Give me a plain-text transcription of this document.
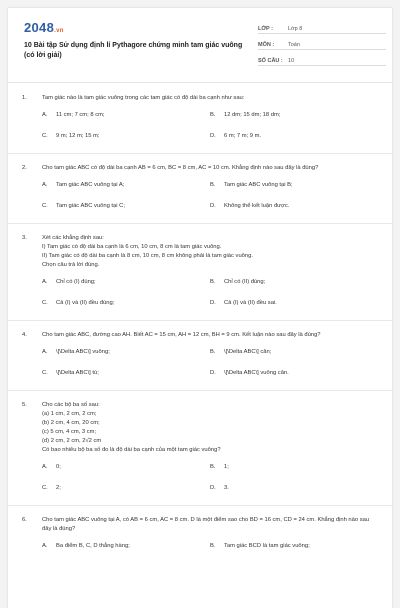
2048.vn
10 Bài tập Sử dụng định lí Pythagore chứng minh tam giác vuông (có lời giải)
LỚP :	Lớp 8
MÔN :	Toán
SỐ CÂU : 10
1.	Tam giác nào là tam giác vuông trong các tam giác có độ dài ba cạnh như sau:
A.	11 cm; 7 cm; 8 cm;	B.	12 dm; 15 dm; 18 dm;
C.	9 m; 12 m; 15 m;	D.	6 m; 7 m; 9 m.
2.	Cho tam giác ABC có độ dài ba cạnh AB = 6 cm, BC = 8 cm, AC = 10 cm. Khẳng định nào sau đây là đúng?
A.	Tam giác ABC vuông tại A;	B.	Tam giác ABC vuông tại B;
C.	Tam giác ABC vuông tại C;	D.	Không thể kết luận được.
3.	Xét các khẳng định sau:
I) Tam giác có độ dài ba cạnh là 6 cm, 10 cm, 8 cm là tam giác vuông.
II) Tam giác có độ dài ba cạnh là 8 cm, 10 cm, 8 cm không phải là tam giác vuông.
Chọn câu trả lời đúng.
A.	Chỉ có (I) đúng;	B.	Chỉ có (II) đúng;
C.	Cả (I) và (II) đều đúng;	D.	Cả (I) và (II) đều sai.
4.	Cho tam giác ABC, đường cao AH. Biết AC = 15 cm, AH = 12 cm, BH = 9 cm. Kết luận nào sau đây là đúng?
A.	\[\Delta ABC\] vuông;	B.	\[\Delta ABC\] cân;
C.	\[\Delta ABC\] tù;	D.	\[\Delta ABC\] vuông cân.
5.	Cho các bộ ba số sau:
(a) 1 cm, 2 cm, 2 cm;
(b) 2 cm, 4 cm, 20 cm;
(c) 5 cm, 4 cm, 3 cm;
(d) 2 cm, 2 cm, 2√2 cm
Có bao nhiêu bộ ba số đo là độ dài ba cạnh của một tam giác vuông?
A.	0;	B.	1;
C.	2;	D.	3.
6.	Cho tam giác ABC vuông tại A, có AB = 6 cm, AC = 8 cm. D là một điểm sao cho BD = 16 cm, CD = 24 cm. Khẳng định nào sau đây là đúng?
A.	Ba điểm B, C, D thẳng hàng;	B.	Tam giác BCD là tam giác vuông;
